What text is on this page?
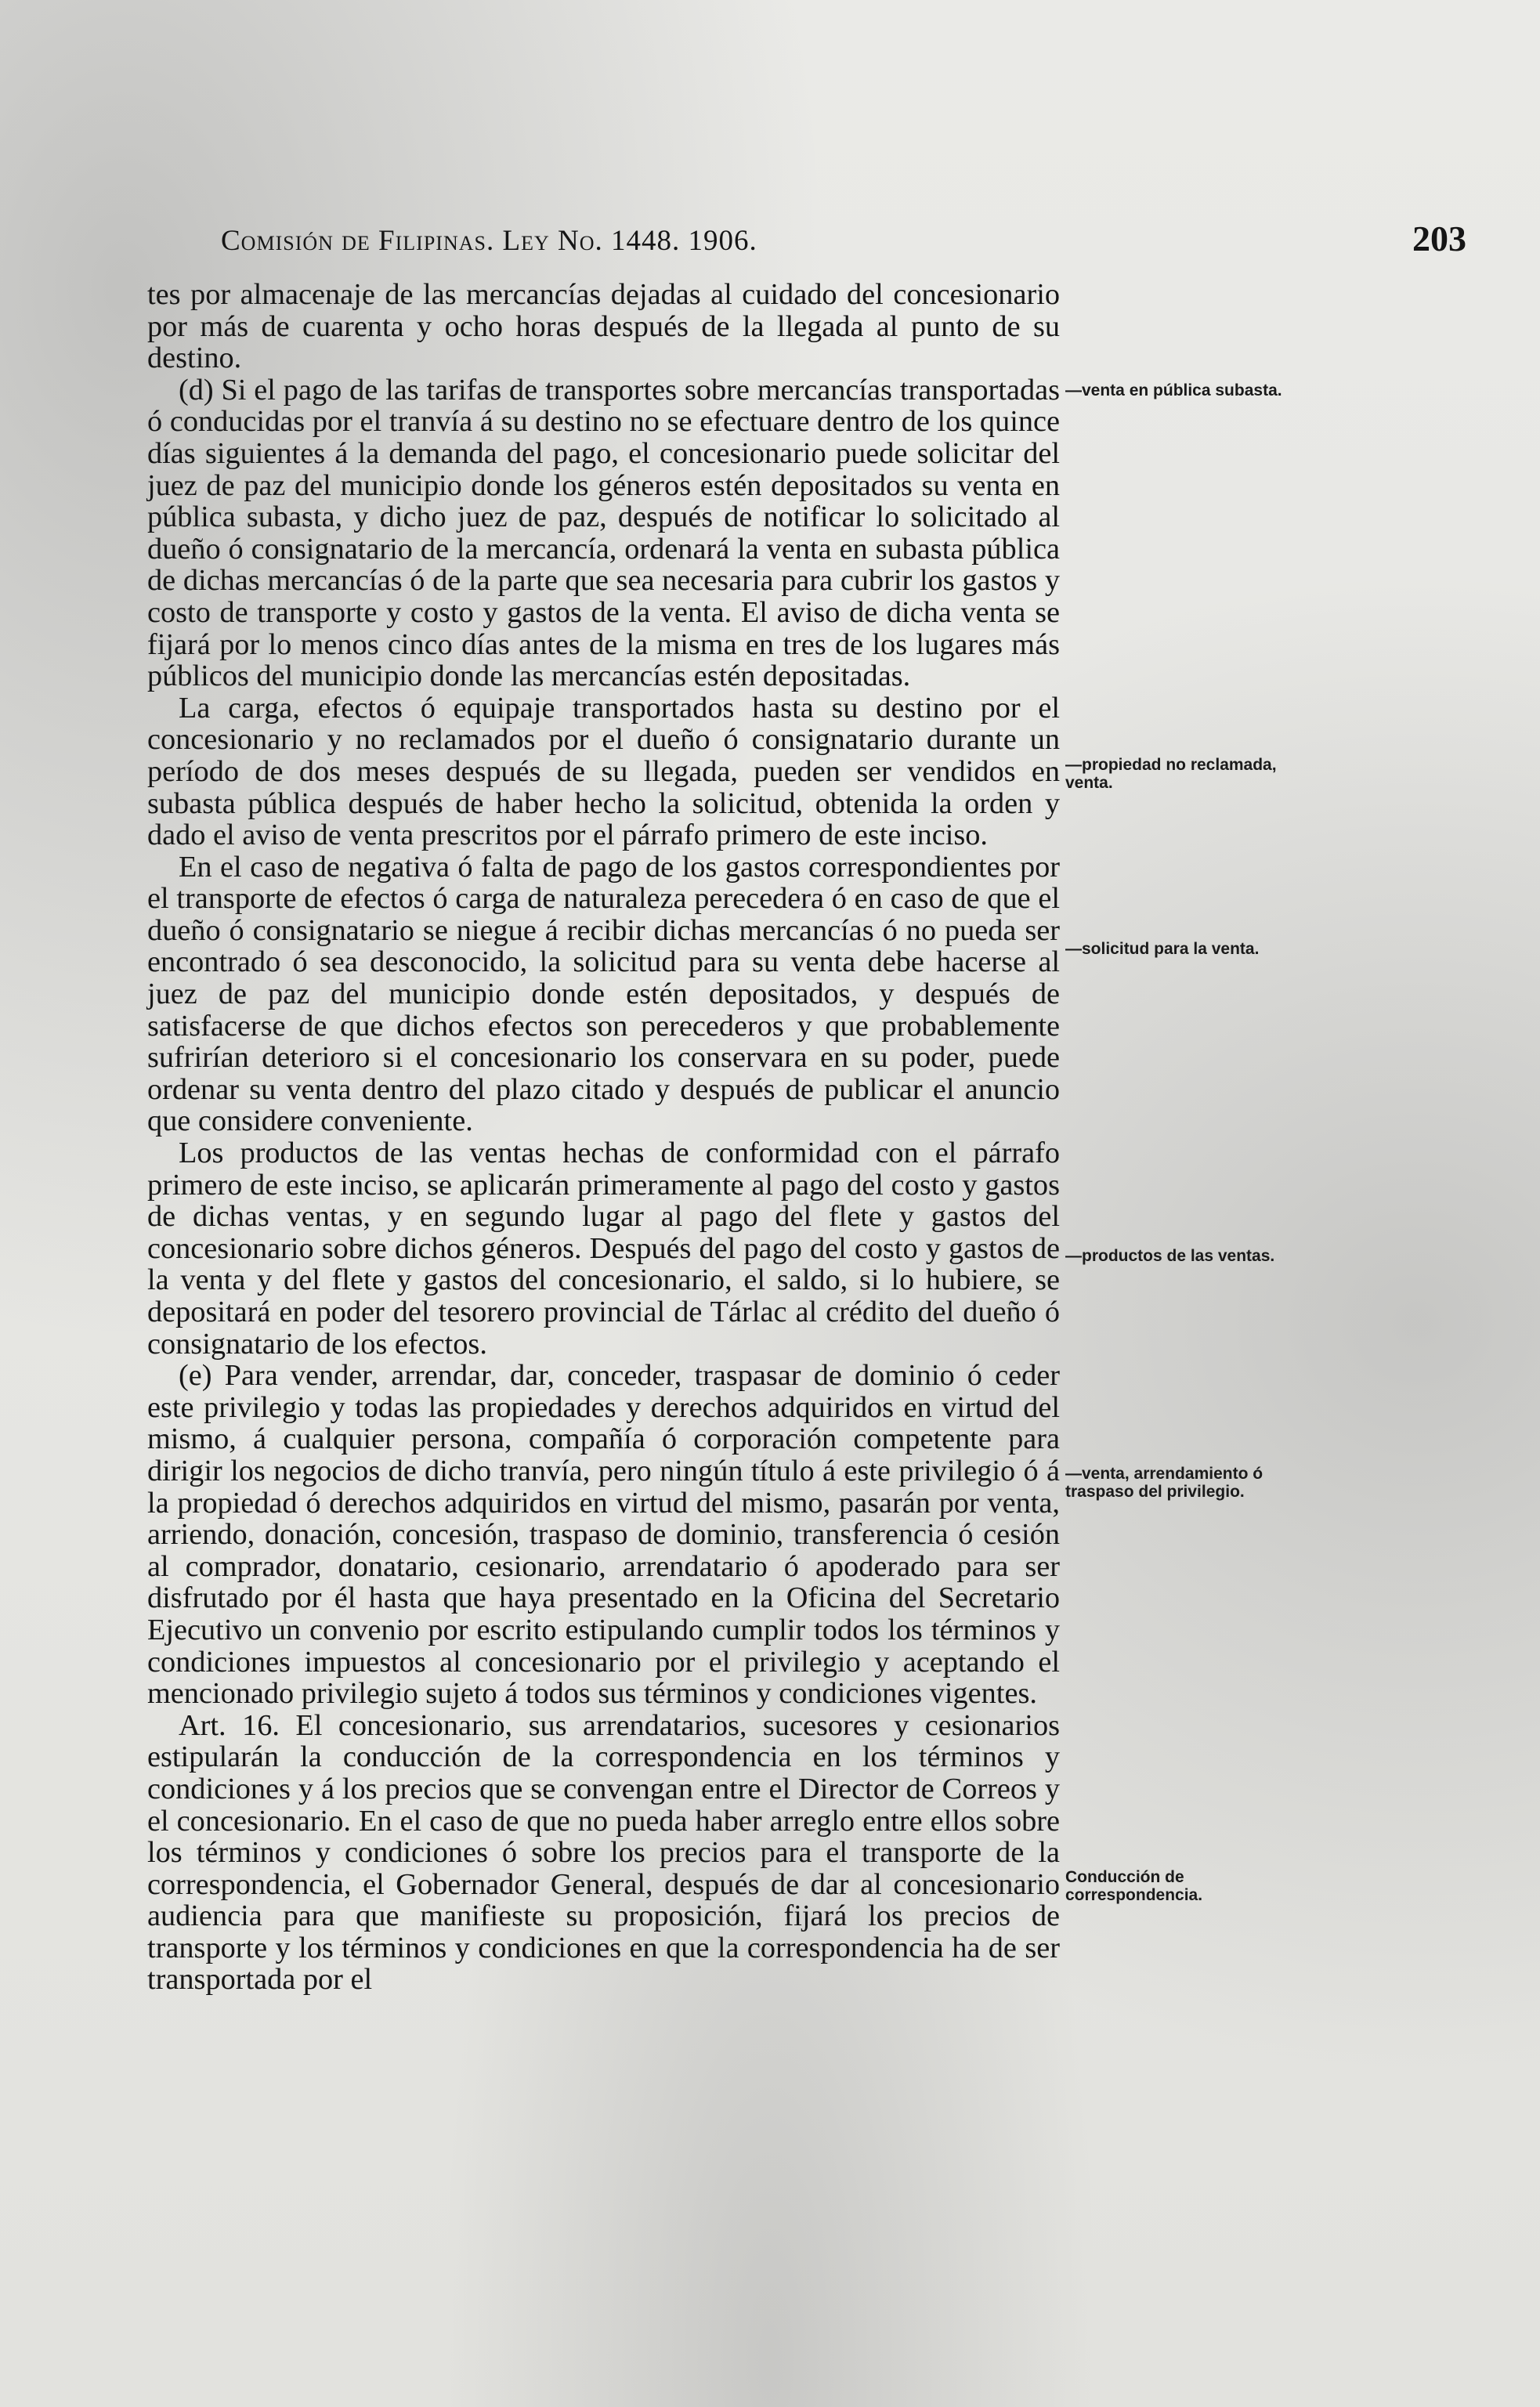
Comisión de Filipinas. Ley No. 1448. 1906.	203

tes por almacenaje de las mercancías dejadas al cuidado del concesionario por más de cuarenta y ocho horas después de la llegada al punto de su destino.

(d) Si el pago de las tarifas de transportes sobre mercancías transportadas ó conducidas por el tranvía á su destino no se efectuare dentro de los quince días siguientes á la demanda del pago, el concesionario puede solicitar del juez de paz del municipio donde los géneros estén depositados su venta en pública subasta, y dicho juez de paz, después de notificar lo solicitado al dueño ó consignatario de la mercancía, ordenará la venta en subasta pública de dichas mercancías ó de la parte que sea necesaria para cubrir los gastos y costo de transporte y costo y gastos de la venta. El aviso de dicha venta se fijará por lo menos cinco días antes de la misma en tres de los lugares más públicos del municipio donde las mercancías estén depositadas.

La carga, efectos ó equipaje transportados hasta su destino por el concesionario y no reclamados por el dueño ó consignatario durante un período de dos meses después de su llegada, pueden ser vendidos en subasta pública después de haber hecho la solicitud, obtenida la orden y dado el aviso de venta prescritos por el párrafo primero de este inciso.

En el caso de negativa ó falta de pago de los gastos correspondientes por el transporte de efectos ó carga de naturaleza perecedera ó en caso de que el dueño ó consignatario se niegue á recibir dichas mercancías ó no pueda ser encontrado ó sea desconocido, la solicitud para su venta debe hacerse al juez de paz del municipio donde estén depositados, y después de satisfacerse de que dichos efectos son perecederos y que probablemente sufrirían deterioro si el concesionario los conservara en su poder, puede ordenar su venta dentro del plazo citado y después de publicar el anuncio que considere conveniente.

Los productos de las ventas hechas de conformidad con el párrafo primero de este inciso, se aplicarán primeramente al pago del costo y gastos de dichas ventas, y en segundo lugar al pago del flete y gastos del concesionario sobre dichos géneros. Después del pago del costo y gastos de la venta y del flete y gastos del concesionario, el saldo, si lo hubiere, se depositará en poder del tesorero provincial de Tárlac al crédito del dueño ó consignatario de los efectos.

(e) Para vender, arrendar, dar, conceder, traspasar de dominio ó ceder este privilegio y todas las propiedades y derechos adquiridos en virtud del mismo, á cualquier persona, compañía ó corporación competente para dirigir los negocios de dicho tranvía, pero ningún título á este privilegio ó á la propiedad ó derechos adquiridos en virtud del mismo, pasarán por venta, arriendo, donación, concesión, traspaso de dominio, transferencia ó cesión al comprador, donatario, cesionario, arrendatario ó apoderado para ser disfrutado por él hasta que haya presentado en la Oficina del Secretario Ejecutivo un convenio por escrito estipulando cumplir todos los términos y condiciones impuestos al concesionario por el privilegio y aceptando el mencionado privilegio sujeto á todos sus términos y condiciones vigentes.

Art. 16. El concesionario, sus arrendatarios, sucesores y cesionarios estipularán la conducción de la correspondencia en los términos y condiciones y á los precios que se convengan entre el Director de Correos y el concesionario. En el caso de que no pueda haber arreglo entre ellos sobre los términos y condiciones ó sobre los precios para el transporte de la correspondencia, el Gobernador General, después de dar al concesionario audiencia para que manifieste su proposición, fijará los precios de transporte y los términos y condiciones en que la correspondencia ha de ser transportada por el

—venta en pública subasta.
—propiedad no reclamada, venta.
—solicitud para la venta.
—productos de las ventas.
—venta, arrendamiento ó traspaso del privilegio.
Conducción de correspondencia.
